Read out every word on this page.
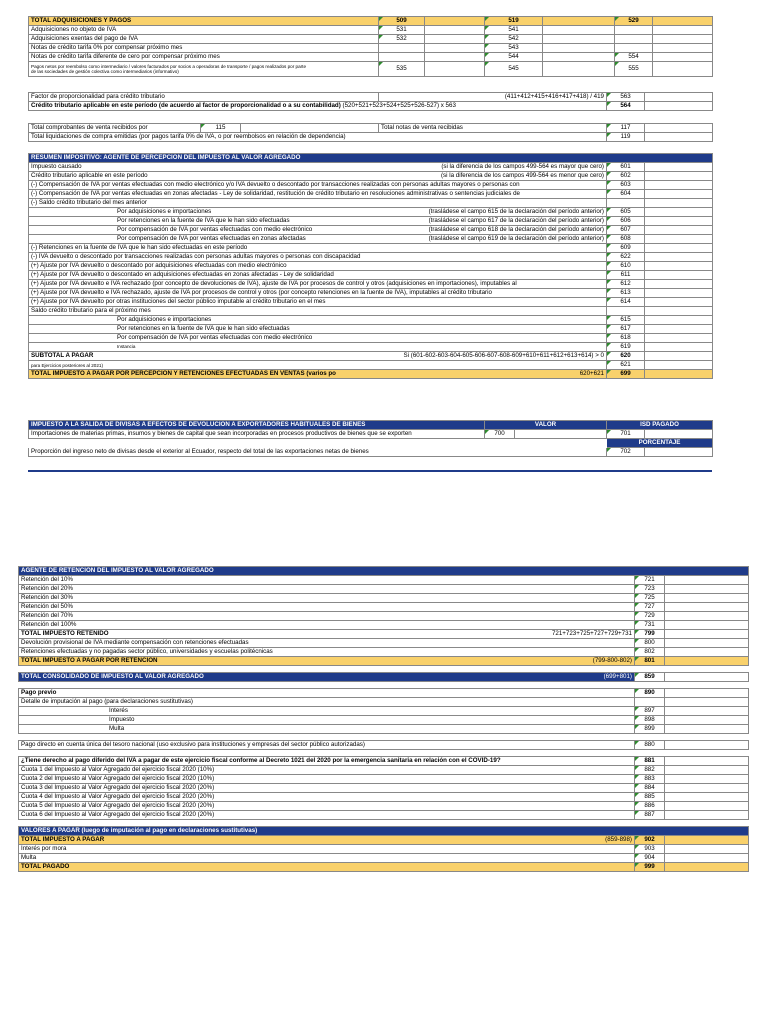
TOTAL ADQUISICIONES Y PAGOS	509		519		529	
Adquisiciones no objeto de IVA	531		541			
Adquisiciones exentas del pago de IVA	532		542			
Notas de crédito tarifa 0% por compensar próximo mes			543			
Notas de crédito tarifa diferente de cero por compensar próximo mes			544		554	

Pagos netos por reembolso como intermediario / valores facturados por socios a operadoras de transporte / pagos realizados por parte
de las sociedades de gestión colectiva como intermediarios (informativo)	535		545		555	
Factor de proporcionalidad para crédito tributario	(411+412+415+416+417+418) / 419	563	
Crédito tributario aplicable en este período (de acuerdo al factor de proporcionalidad o a su contabilidad) (520+521+523+524+525+526-527) x 563		564	
Total comprobantes de venta recibidos por	115		Total notas de venta recibidas	117	
Total liquidaciones de compra emitidas (por pagos tarifa 0% de IVA, o por reembolsos en relación de dependencia)				119	
RESUMEN IMPOSITIVO: AGENTE DE PERCEPCIÓN DEL IMPUESTO AL VALOR AGREGADO		
Impuesto causado (si la diferencia de los campos 499-564 es mayor que cero)	601	
Crédito tributario aplicable en este período (si la diferencia de los campos 499-564 es menor que cero)	602	
(-) Compensación de IVA por ventas efectuadas con medio electrónico y/o IVA devuelto o descontado por transacciones realizadas con personas adultas mayores o personas con	603	
(-) Compensación de IVA por ventas efectuadas en zonas afectadas - Ley de solidaridad, restitución de crédito tributario en resoluciones administrativas o sentencias judiciales de	604	
(-) Saldo crédito tributario del mes anterior		
Por adquisiciones e importaciones (trasládese el campo 615 de la declaración del período anterior)	605	
Por retenciones en la fuente de IVA que le han sido efectuadas (trasládese el campo 617 de la declaración del período anterior)	606	
Por compensación de IVA por ventas efectuadas con medio electrónico (trasládese el campo 618 de la declaración del período anterior)	607	
Por compensación de IVA por ventas efectuadas en zonas afectadas (trasládese el campo 619 de la declaración del período anterior)	608	
(-) Retenciones en la fuente de IVA que le han sido efectuadas en este período	609	
(-) IVA devuelto o descontado por transacciones realizadas con personas adultas mayores o personas con discapacidad	622	
(+) Ajuste por IVA devuelto o descontado por adquisiciones efectuadas con medio electrónico	610	
(+) Ajuste por IVA devuelto o descontado en adquisiciones efectuadas en zonas afectadas - Ley de solidaridad	611	
(+) Ajuste por IVA devuelto e IVA rechazado (por concepto de devoluciones de IVA), ajuste de IVA por procesos de control y otros (adquisiciones en importaciones), imputables al	612	
(+) Ajuste por IVA devuelto e IVA rechazado, ajuste de IVA por procesos de control y otros (por concepto retenciones en la fuente de IVA), imputables al crédito tributario	613	
(+) Ajuste por IVA devuelto por otras instituciones del sector público imputable al crédito tributario en el mes	614	
Saldo crédito tributario para el próximo mes		
Por adquisiciones e importaciones	615	
Por retenciones en la fuente de IVA que le han sido efectuadas	617	
Por compensación de IVA por ventas efectuadas con medio electrónico	618	
Instancia	619	
SUBTOTAL A PAGAR Si (601-602-603-604-605-606-607-608-609+610+611+612+613+614) > 0	620	
para Ejercicios posteriores al 2021)	621	
TOTAL IMPUESTO A PAGAR POR PERCEPCIÓN Y RETENCIONES EFECTUADAS EN VENTAS (varios po 620+621	699	
IMPUESTO A LA SALIDA DE DIVISAS A EFECTOS DE DEVOLUCIÓN A EXPORTADORES HABITUALES DE BIENES	VALOR		ISD PAGADO	
Importaciones de materias primas, insumos y bienes de capital que sean incorporadas en procesos productivos de bienes que se exporten	700		701	
			PORCENTAJE	
Proporción del ingreso neto de divisas desde el exterior al Ecuador, respecto del total de las exportaciones netas de bienes			702	
AGENTE DE RETENCIÓN DEL IMPUESTO AL VALOR AGREGADO		
Retención del 10%	721	
Retención del 20%	723	
Retención del 30%	725	
Retención del 50%	727	
Retención del 70%	729	
Retención del 100%	731	
TOTAL IMPUESTO RETENIDO 721+723+725+727+729+731	799	
Devolución provisional de IVA mediante compensación con retenciones efectuadas	800	
Retenciones efectuadas y no pagadas sector público, universidades y escuelas politécnicas	802	
TOTAL IMPUESTO A PAGAR POR RETENCIÓN (799-800-802)	801	

TOTAL CONSOLIDADO DE IMPUESTO AL VALOR AGREGADO (699+801)	859	

Pago previo	890	
Detalle de imputación al pago (para declaraciones sustitutivas)		
Interés	897	
Impuesto	898	
Multa	899	

Pago directo en cuenta única del tesoro nacional (uso exclusivo para instituciones y empresas del sector público autorizadas)	880	

¿Tiene derecho al pago diferido del IVA a pagar de este ejercicio fiscal conforme al Decreto 1021 del 2020 por la emergencia sanitaria en relación con el COVID-19?	881	
Cuota 1 del Impuesto al Valor Agregado del ejercicio fiscal 2020 (10%)	882	
Cuota 2 del Impuesto al Valor Agregado del ejercicio fiscal 2020 (10%)	883	
Cuota 3 del Impuesto al Valor Agregado del ejercicio fiscal 2020 (20%)	884	
Cuota 4 del Impuesto al Valor Agregado del ejercicio fiscal 2020 (20%)	885	
Cuota 5 del Impuesto al Valor Agregado del ejercicio fiscal 2020 (20%)	886	
Cuota 6 del Impuesto al Valor Agregado del ejercicio fiscal 2020 (20%)	887	

VALORES A PAGAR (luego de imputación al pago en declaraciones sustitutivas)		
TOTAL IMPUESTO A PAGAR (859-898)	902	
Interés por mora	903	
Multa	904	
TOTAL PAGADO	999	
